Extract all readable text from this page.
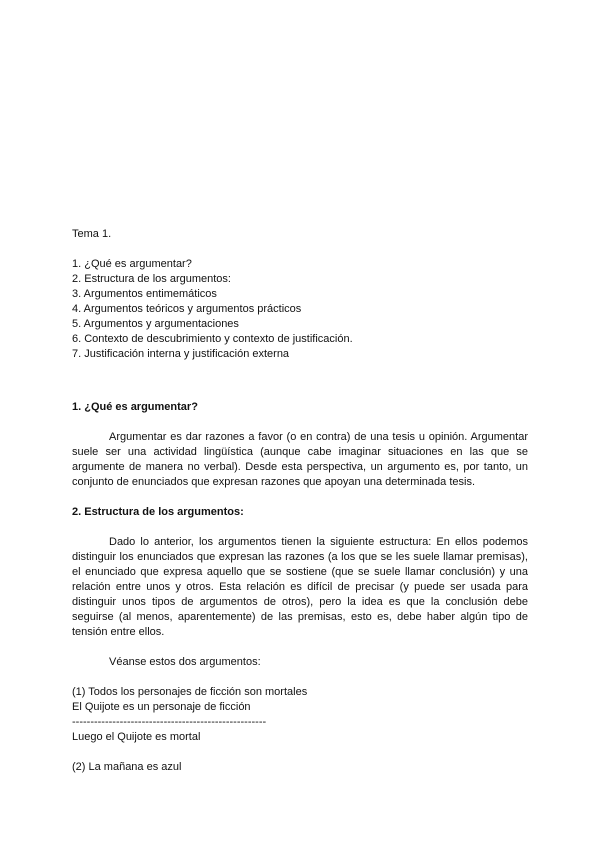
Tema 1.
1. ¿Qué es argumentar?
2. Estructura de los argumentos:
3. Argumentos entimemáticos
4. Argumentos teóricos y argumentos prácticos
5. Argumentos y argumentaciones
6. Contexto de descubrimiento y contexto de justificación.
7. Justificación interna y justificación externa
1. ¿Qué es argumentar?

Argumentar es dar razones a favor (o en contra) de una tesis u opinión. Argumentar suele ser una actividad lingüística (aunque cabe imaginar situaciones en las que se argumente de manera no verbal). Desde esta perspectiva, un argumento es, por tanto, un conjunto de enunciados que expresan razones que apoyan una determinada tesis.

2. Estructura de los argumentos:

Dado lo anterior, los argumentos tienen la siguiente estructura: En ellos podemos distinguir los enunciados que expresan las razones (a los que se les suele llamar premisas), el enunciado que expresa aquello que se sostiene (que se suele llamar conclusión) y una relación entre unos y otros. Esta relación es difícil de precisar (y puede ser usada para distinguir unos tipos de argumentos de otros), pero la idea es que la conclusión debe seguirse (al menos, aparentemente) de las premisas, esto es, debe haber algún tipo de tensión entre ellos.

Véanse estos dos argumentos:

(1) Todos los personajes de ficción son mortales
El Quijote es un personaje de ficción
-----------------------------------------------------
Luego el Quijote es mortal
(2) La mañana es azul
